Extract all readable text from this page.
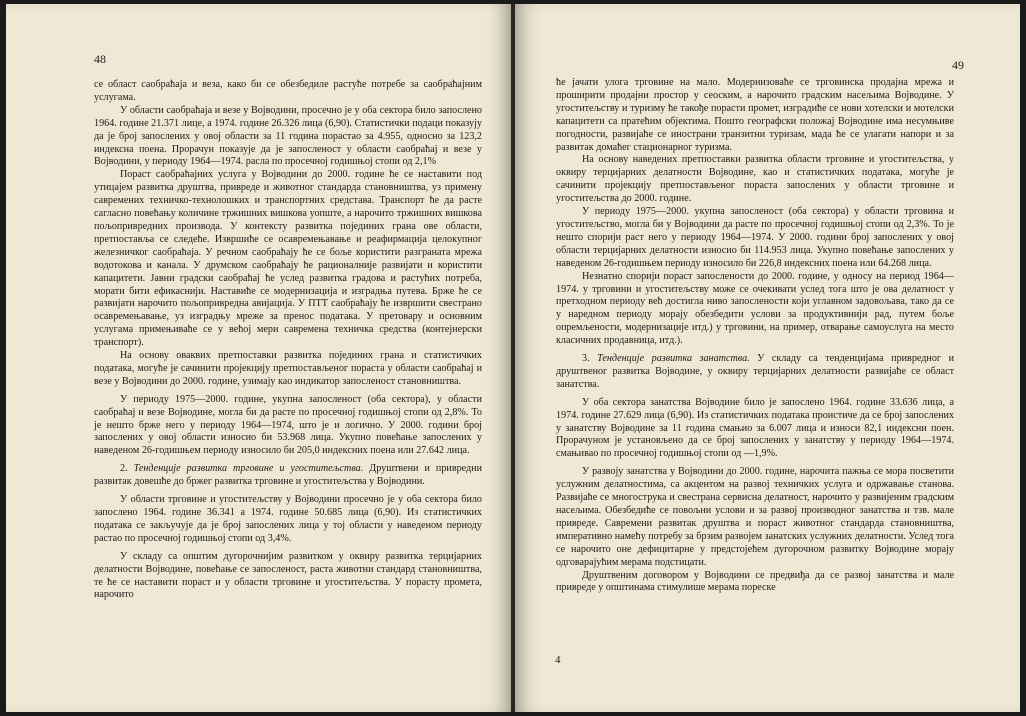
48

се област саобраћаја и веза, како би се обезбедиле растуће потребе за саобраћајним услугама.

У области саобраћаја и везе у Војводини, просечно је у оба сектора било запослено 1964. године 21.371 лице, а 1974. године 26.326 лица (6,90). Статистички подаци показују да је број запослених у овој области за 11 година порастао за 4.955, односно за 123,2 индексна поена. Прорачун показује да је запосленост у области саобраћај и везе у Војводини, у периоду 1964—1974. расла по просечној годишњој стопи од 2,1%

Пораст саобраћајних услуга у Војводини до 2000. године ће се наставити под утицајем развитка друштва, привреде и животног стандарда становништва, уз примену савремених техничко-технолошких и транспортних средстава. Транспорт ће да расте сагласно повећању количине тржишних вишкова уопште, а нарочито тржишних вишкова пољопривредних производа. У контексту развитка појединих грана ове области, претпоставља се следеће. Извршиће се осавремењавање и реафирмација целокупног железничког саобраћаја. У речном саобраћају ће се боље користити разграната мрежа водотокова и канала. У друмском саобраћају ће рационалније развијати и користити капацитети. Јавни градски саобраћај ће услед развитка градова и растућих потреба, морати бити ефикаснији. Наставиће се модернизација и изградња путева. Брже ће се развијати нарочито пољопривредна авијација. У ПТТ саобраћају ће извршити свестрано осавремењавање, уз изградњу мреже за пренос података. У претовару и основним услугама примењиваће се у већој мери савремена техничка средства (контејнерски транспорт).

На основу оваквих претпоставки развитка појединих грана и статистичких података, могуће је сачинити пројекцију претпостављеног пораста у области саобраћај и везе у Војводини до 2000. године, узимају као индикатор запосленост становништва.

У периоду 1975—2000. године, укупна запосленост (оба сектора), у области саобраћај и везе Војводине, могла би да расте по просечној годишњој стопи од 2,8%. То је нешто брже него у периоду 1964—1974, што је и логично. У 2000. години број запослених у овој области износио би 53.968 лица. Укупно повећање запослених у наведеном 26-годишњем периоду износило би 205,0 индексних поена или 27.642 лица.

2. Тенденције развитка трговине и угоститељства. Друштвени и привредни развитак довешће до бржег развитка трговине и угоститељства у Војводини.

У области трговине и угоститељству у Војводини просечно је у оба сектора било запослено 1964. године 36.341 а 1974. године 50.685 лица (6,90). Из статистичких података се закључује да је број запослених лица у тој области у наведеном периоду растао по просечној годишњој стопи од 3,4%.

У складу са општим дугорочнијим развитком у оквиру развитка терцијарних делатности Војводине, повећање се запосленост, раста животни стандард становништва, те ће се наставити пораст и у области трговине и угоститељства. У порасту промета, нарочито

49

ће јачати улога трговине на мало. Модернизоваће се трговинска продајна мрежа и проширити продајни простор у сеоским, а нарочито градским насељима Војводине. У угоститељству и туризму ће такође порасти промет, изградиће се нови хотелски и мотелски капацитети са пратећим објектима. Пошто географски положај Војводине има несумњиве погодности, развијаће се инострани транзитни туризам, мада ће се улагати напори и за развитак домаћег стационарног туризма.

На основу наведених претпоставки развитка области трговине и угоститељства, у оквиру терцијарних делатности Војводине, као и статистичких података, могуће је сачинити пројекцију претпостављеног пораста запослених у области трговине и угоститељства до 2000. године.

У периоду 1975—2000. укупна запосленост (оба сектора) у области трговина и угоститељство, могла би у Војводини да расте по просечној годишњој стопи од 2,3%. То је нешто спорији раст него у периоду 1964—1974. У 2000. години број запослених у овој области терцијарних делатности износио би 114.953 лица. Укупно повећање запослених у наведеном 26-годишњем периоду износило би 226,8 индексних поена или 64.268 лица.

Незнатно спорији пораст запослености до 2000. године, у односу на период 1964—1974. у трговини и угоститељству може се очекивати услед тога што је ова делатност у претходном периоду већ достигла ниво запослености који углавном задовољава, тако да се у наредном периоду морају обезбедити услови за продуктивнији рад, путем боље опремљености, модернизације итд.) у трговини, на пример, отварање самоуслуга на место класичних продавница, итд.).

3. Тенденције развитка занатства. У складу са тенденцијама привредног и друштвеног развитка Војводине, у оквиру терцијарних делатности развијаће се област занатства.

У оба сектора занатства Војводине било је запослено 1964. године 33.636 лица, а 1974. године 27.629 лица (6,90). Из статистичких података проистиче да се број запослених у занатству Војводине за 11 година смањио за 6.007 лица и износи 82,1 индексни поен. Прорачуном је установљено да се број запослених у занатству у периоду 1964—1974. смањивао по просечној годишњој стопи од —1,9%.

У развоју занатства у Војводини до 2000. године, нарочита пажња се мора посветити услужним делатностима, са акцентом на развој техничких услуга и одржавање станова. Развијаће се многострука и свестрана сервисна делатност, нарочито у развијеним градским насељима. Обезбедиће се повољни услови и за развој производног занатства и тзв. мале привреде. Савремени развитак друштва и пораст животног стандарда становништва, императивно намећу потребу за брзим развојем занатских услужних делатности. Услед тога се нарочито оне дефицитарне у предстојећем дугорочном развитку Војводине морају одговарајућим мерама подстицати.

Друштвеним договором у Војводини се предвиђа да се развој занатства и мале привреде у општинама стимулише мерама пореске

4
